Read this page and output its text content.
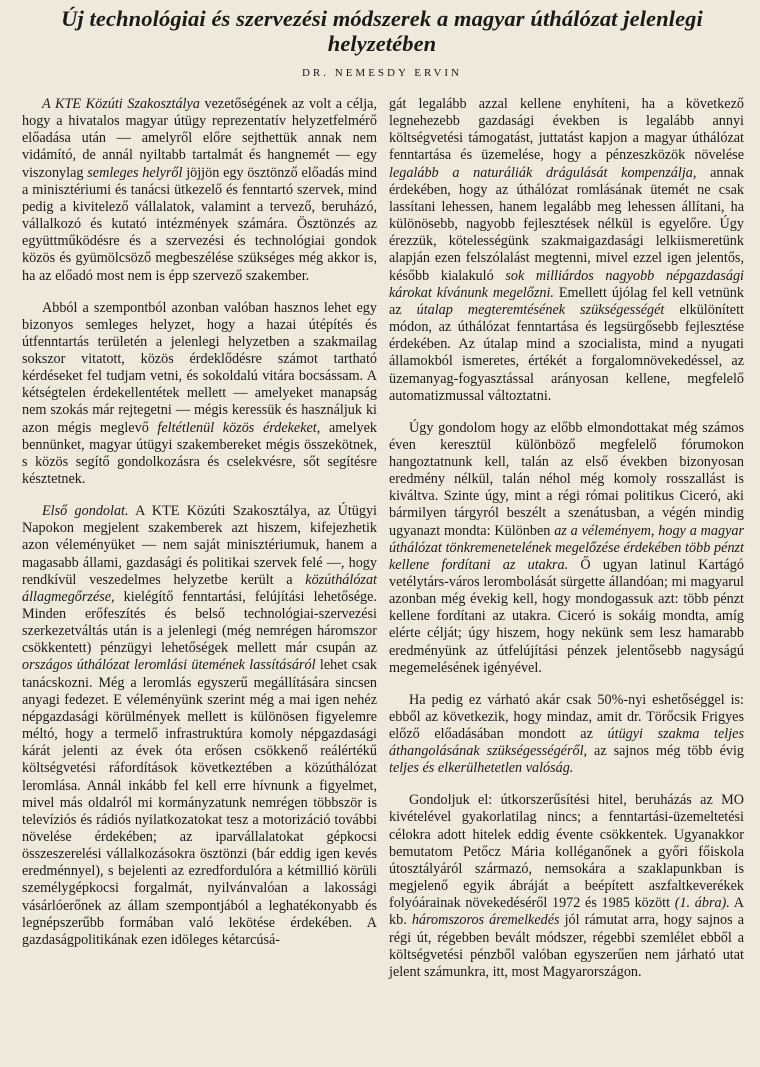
Új technológiai és szervezési módszerek a magyar úthálózat jelenlegi helyzetében
DR. NEMESDY ERVIN

A KTE Közúti Szakosztálya vezetőségének az volt a célja, hogy a hivatalos magyar útügy reprezentatív helyzetfelmérő előadása után — amelyről előre sejthettük annak nem vidámító, de annál nyiltabb tartalmát és hangnemét — egy viszonylag semleges helyről jöjjön egy ösztönző előadás mind a minisztériumi és tanácsi ütkezelő és fenntartó szervek, mind pedig a kivitelező vállalatok, valamint a tervező, beruházó, vállalkozó és kutató intézmények számára. Ösztönzés az együttműködésre és a szervezési és technológiai gondok közös és gyümölcsöző megbeszélése szükséges még akkor is, ha az előadó most nem is épp szervező szakember.

Abból a szempontból azonban valóban hasznos lehet egy bizonyos semleges helyzet, hogy a hazai útépítés és útfenntartás területén a jelenlegi helyzetben a szakmailag sokszor vitatott, közös érdeklődésre számot tartható kérdéseket fel tudjam vetni, és sokoldalú vitára bocsássam. A kétségtelen érdekellentétek mellett — amelyeket manapság nem szokás már rejtegetni — mégis keressük és használjuk ki azon mégis meglevő feltétlenül közös érdekeket, amelyek bennünket, magyar útügyi szakembereket mégis összekötnek, s közös segítő gondolkozásra és cselekvésre, sőt segítésre késztetnek.

Első gondolat. A KTE Közúti Szakosztálya, az Útügyi Napokon megjelent szakemberek azt hiszem, kifejezhetik azon véleményüket — nem saját minisztériumuk, hanem a magasabb állami, gazdasági és politikai szervek felé —, hogy rendkívül veszedelmes helyzetbe került a közúthálózat állagmegőrzése, kielégítő fenntartási, felújítási lehetősége. Minden erőfeszítés és belső technológiai-szervezési szerkezetváltás után is a jelenlegi (még nemrégen háromszor csökkentett) pénzügyi lehetőségek mellett már csupán az országos úthálózat leromlási ütemének lassításáról lehet csak tanácskozni. Még a leromlás egyszerű megállítására sincsen anyagi fedezet. E véleményünk szerint még a mai igen nehéz népgazdasági körülmények mellett is különösen figyelemre méltó, hogy a termelő infrastruktúra komoly népgazdasági kárát jelenti az évek óta erősen csökkenő reálértékű költségvetési ráfordítások következtében a közúthálózat leromlása. Annál inkább fel kell erre hívnunk a figyelmet, mivel más oldalról mi kormányzatunk nemrégen többször is televíziós és rádiós nyilatkozatokat tesz a motorizáció további növelése érdekében; az iparvállalatokat gépkocsi összeszerelési vállalkozásokra ösztönzi (bár eddig igen kevés eredménnyel), s bejelenti az ezredfordulóra a kétmillió körüli személygépkocsi forgalmát, nyilvánvalóan a lakossági vásárlóerőnek az állam szempontjából a leghatékonyabb és legnépszerűbb formában való lekötése érdekében. A gazdaságpolitikának ezen idöleges kétarcúsá-

gát legalább azzal kellene enyhíteni, ha a következő legnehezebb gazdasági években is legalább annyi költségvetési támogatást, juttatást kapjon a magyar úthálózat fenntartása és üzemelése, hogy a pénzeszközök növelése legalább a naturáliák drágulását kompenzálja, annak érdekében, hogy az úthálózat romlásának ütemét ne csak lassítani lehessen, hanem legalább meg lehessen állítani, ha különösebb, nagyobb fejlesztések nélkül is egyelőre. Úgy érezzük, kötelességünk szakmaigazdasági lelkiismeretünk alapján ezen felszólalást megtenni, mivel ezzel igen jelentős, később kialakuló sok milliárdos nagyobb népgazdasági károkat kívánunk megelőzni. Emellett újólag fel kell vetnünk az útalap megteremtésének szükségességét elkülönített módon, az úthálózat fenntartása és legsürgősebb fejlesztése érdekében. Az útalap mind a szocialista, mind a nyugati államokból ismeretes, értékét a forgalomnövekedéssel, az üzemanyag-fogyasztással arányosan kellene, megfelelő automatizmussal változtatni.

Úgy gondolom hogy az előbb elmondottakat még számos éven keresztül különböző megfelelő fórumokon hangoztatnunk kell, talán az első években bizonyosan eredmény nélkül, talán néhol még komoly rosszallást is kiváltva. Szinte úgy, mint a régi római politikus Ciceró, aki bármilyen tárgyról beszélt a szenátusban, a végén mindig ugyanazt mondta: Különben az a véleményem, hogy a magyar úthálózat tönkremenetelének megelőzése érdekében több pénzt kellene fordítani az utakra. Ő ugyan latinul Kartágó vetélytárs-város lerombolását sürgette állandóan; mi magyarul azonban még évekig kell, hogy mondogassuk azt: több pénzt kellene fordítani az utakra. Ciceró is sokáig mondta, amíg elérte célját; úgy hiszem, hogy nekünk sem lesz hamarabb eredményünk az útfelújítási pénzek jelentősebb nagyságú megemelésének igényével.

Ha pedig ez várható akár csak 50%-nyi eshetőséggel is: ebből az következik, hogy mindaz, amit dr. Törőcsik Frigyes előző előadásában mondott az útügyi szakma teljes áthangolásának szükségességéről, az sajnos még több évig teljes és elkerülhetetlen valóság.

Gondoljuk el: útkorszerűsítési hitel, beruházás az MO kivételével gyakorlatilag nincs; a fenntartási-üzemeltetési célokra adott hitelek eddig évente csökkentek. Ugyanakkor bemutatom Petőcz Mária kolléganőnek a győri főiskola útosztályáról származó, nemsokára a szaklapunkban is megjelenő egyik ábráját a beépített aszfaltkeverékek folyóárainak növekedéséről 1972 és 1985 között (1. ábra). A kb. háromszoros áremelkedés jól rámutat arra, hogy sajnos a régi út, régebben bevált módszer, régebbi szemlélet ebből a költségvetési pénzből valóban egyszerűen nem járható utat jelent számunkra, itt, most Magyarországon.
